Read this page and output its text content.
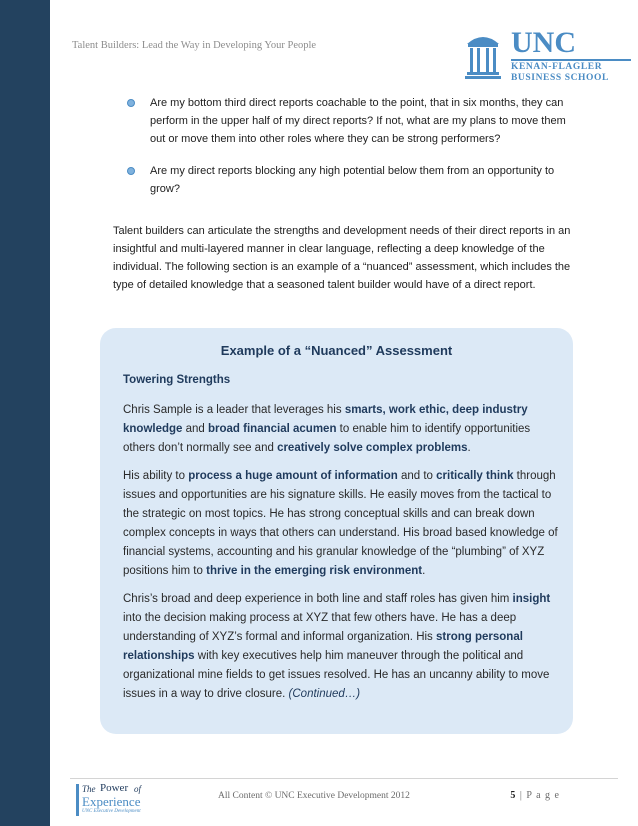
Talent Builders: Lead the Way in Developing Your People	UNC
KENAN-FLAGLER
BUSINESS SCHOOL
Are my bottom third direct reports coachable to the point, that in six months, they can perform in the upper half of my direct reports? If not, what are my plans to move them out or move them into other roles where they can be strong performers?
Are my direct reports blocking any high potential below them from an opportunity to grow?
Talent builders can articulate the strengths and development needs of their direct reports in an insightful and multi-layered manner in clear language, reflecting a deep knowledge of the individual. The following section is an example of a “nuanced” assessment, which includes the type of detailed knowledge that a seasoned talent builder would have of a direct report.
Example of a “Nuanced” Assessment
Towering Strengths

Chris Sample is a leader that leverages his smarts, work ethic, deep industry knowledge and broad financial acumen to enable him to identify opportunities others don’t normally see and creatively solve complex problems.

His ability to process a huge amount of information and to critically think through issues and opportunities are his signature skills. He easily moves from the tactical to the strategic on most topics. He has strong conceptual skills and can break down complex concepts in ways that others can understand. His broad based knowledge of financial systems, accounting and his granular knowledge of the “plumbing” of XYZ positions him to thrive in the emerging risk environment.

Chris’s broad and deep experience in both line and staff roles has given him insight into the decision making process at XYZ that few others have. He has a deep understanding of XYZ’s formal and informal organization. His strong personal relationships with key executives help him maneuver through the political and organizational mine fields to get issues resolved. He has an uncanny ability to move issues in a way to drive closure. (Continued…)

The Power of
Experience
UNC Executive Development
All Content © UNC Executive Development 2012	5 | P a g e
